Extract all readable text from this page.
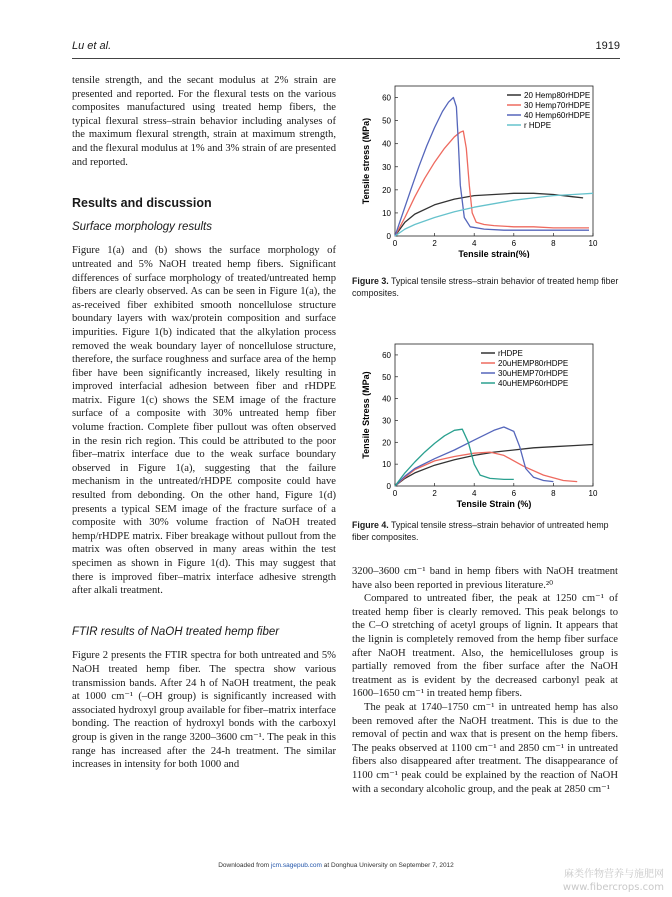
Lu et al.	1919

tensile strength, and the secant modulus at 2% strain are presented and reported. For the flexural tests on the various composites manufactured using treated hemp fibers, the typical flexural stress–strain behavior including analyses of the maximum flexural strength, strain at maximum strength, and the flexural modulus at 1% and 3% strain of are presented and reported.

Results and discussion
Surface morphology results

Figure 1(a) and (b) shows the surface morphology of untreated and 5% NaOH treated hemp fibers. Significant differences of surface morphology of treated/untreated hemp fibers are clearly observed. As can be seen in Figure 1(a), the as-received fiber exhibited smooth noncellulose structure boundary layers with wax/protein composition and surface impurities. Figure 1(b) indicated that the alkylation process removed the weak boundary layer of noncellulose structure, therefore, the surface roughness and surface area of the hemp fiber have been significantly increased, likely resulting in improved interfacial adhesion between fiber and rHDPE matrix. Figure 1(c) shows the SEM image of the fracture surface of a composite with 30% untreated hemp fiber volume fraction. Complete fiber pullout was often observed in the resin rich region. This could be attributed to the poor fiber–matrix interface due to the weak surface boundary observed in Figure 1(a), suggesting that the failure mechanism in the untreated/rHDPE composite could have resulted from debonding. On the other hand, Figure 1(d) presents a typical SEM image of the fracture surface of a composite with 30% volume fraction of NaOH treated hemp/rHDPE matrix. Fiber breakage without pullout from the matrix was often observed in many areas within the test specimen as shown in Figure 1(d). This may suggest that there is improved fiber–matrix interface adhesive strength after alkali treatment.

FTIR results of NaOH treated hemp fiber

Figure 2 presents the FTIR spectra for both untreated and 5% NaOH treated hemp fiber. The spectra show various transmission bands. After 24 h of NaOH treatment, the peak at 1000 cm⁻¹ (–OH group) is significantly increased with associated hydroxyl group available for fiber–matrix interface bonding. The reaction of hydroxyl bonds with the carboxyl group is given in the range 3200–3600 cm⁻¹. The peak in this range has increased after the 24-h treatment. The similar increases in intensity for both 1000 and

3200–3600 cm⁻¹ band in hemp fibers with NaOH treatment have also been reported in previous literature.²⁰

Compared to untreated fiber, the peak at 1250 cm⁻¹ of treated hemp fiber is clearly removed. This peak belongs to the C–O stretching of acetyl groups of lignin. It appears that the lignin is completely removed from the hemp fiber surface after NaOH treatment. Also, the hemicelluloses group is partially removed from the fiber surface after the NaOH treatment as is evident by the decreased carbonyl peak at 1600–1650 cm⁻¹ in treated hemp fibers.

The peak at 1740–1750 cm⁻¹ in untreated hemp has also been removed after the NaOH treatment. This is due to the removal of pectin and wax that is present on the hemp fibers. The peaks observed at 1100 cm⁻¹ and 2850 cm⁻¹ in untreated fibers also disappeared after treatment. The disappearance of 1100 cm⁻¹ peak could be explained by the reaction of NaOH with a secondary alcoholic group, and the peak at 2850 cm⁻¹

0	2	4	6	8	10
0
10
20
30
40
50
60
Tensile strain(%)
Tensile stress (MPa)
20 Hemp80rHDPE
30 Hemp70rHDPE
40 Hemp60rHDPE
r HDPE
Figure 3. Typical tensile stress–strain behavior of treated hemp fiber composites.
0	2	4	6	8	10
0
10
20
30
40
50
60
Tensile Strain (%)
Tensile Stress (MPa)
rHDPE
20uHEMP80rHDPE
30uHEMP70rHDPE
40uHEMP60rHDPE
Figure 4. Typical tensile stress–strain behavior of untreated hemp fiber composites.
Downloaded from jcm.sagepub.com at Donghua University on September 7, 2012
麻类作物营养与施肥网
www.fibercrops.com
